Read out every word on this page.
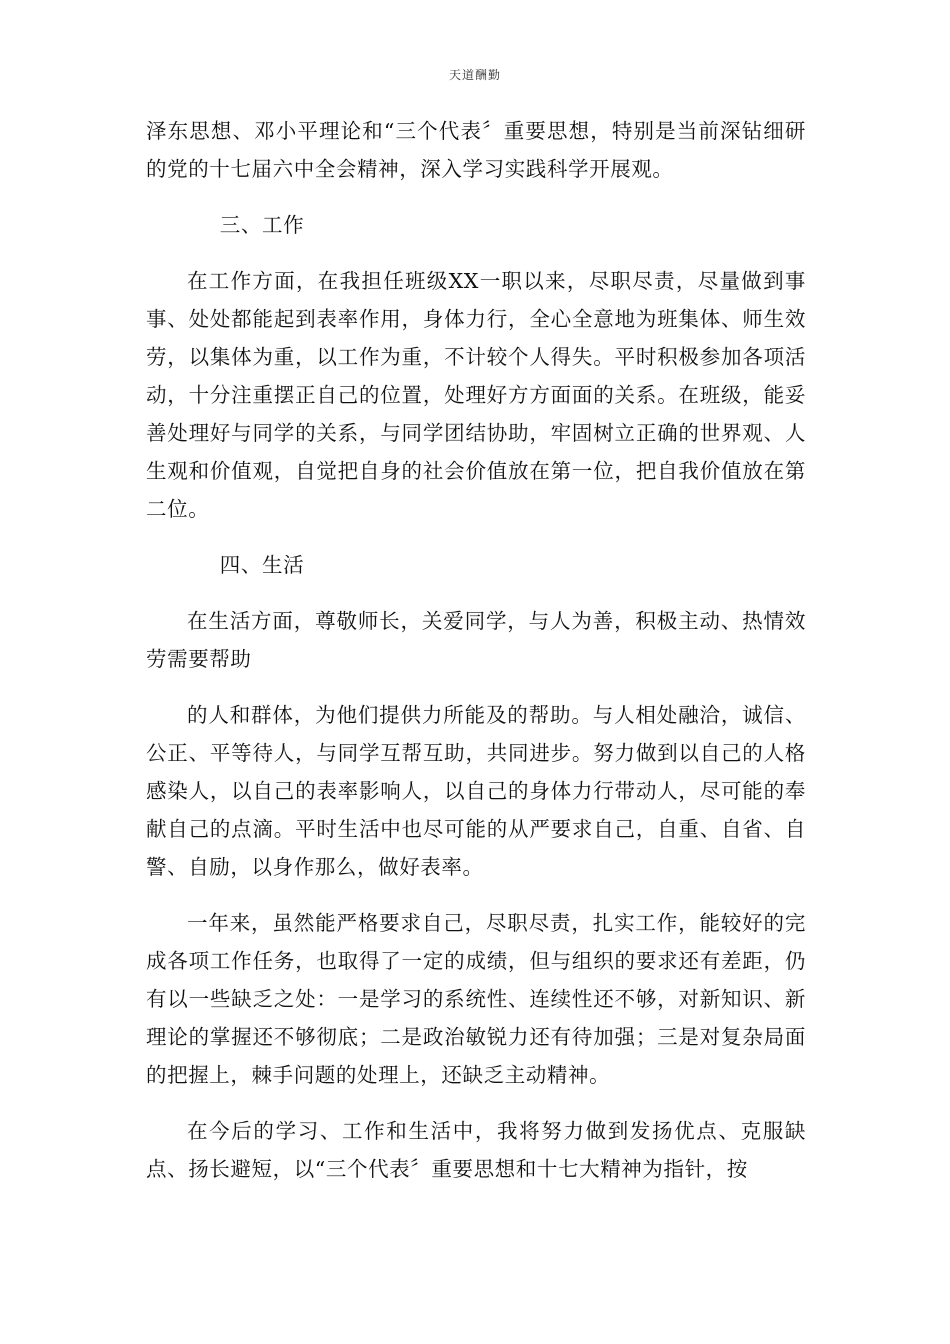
天道酬勤

泽东思想、邓小平理论和“三个代表〞重要思想，特别是当前深钻细研的党的十七届六中全会精神，深入学习实践科学开展观。

三、工作

在工作方面，在我担任班级XX一职以来，尽职尽责，尽量做到事事、处处都能起到表率作用，身体力行，全心全意地为班集体、师生效劳，以集体为重，以工作为重，不计较个人得失。平时积极参加各项活动，十分注重摆正自己的位置，处理好方方面面的关系。在班级，能妥善处理好与同学的关系，与同学团结协助，牢固树立正确的世界观、人生观和价值观，自觉把自身的社会价值放在第一位，把自我价值放在第二位。

四、生活

在生活方面，尊敬师长，关爱同学，与人为善，积极主动、热情效劳需要帮助

的人和群体，为他们提供力所能及的帮助。与人相处融洽，诚信、公正、平等待人，与同学互帮互助，共同进步。努力做到以自己的人格感染人，以自己的表率影响人，以自己的身体力行带动人，尽可能的奉献自己的点滴。平时生活中也尽可能的从严要求自己，自重、自省、自警、自励，以身作那么，做好表率。

一年来，虽然能严格要求自己，尽职尽责，扎实工作，能较好的完成各项工作任务，也取得了一定的成绩，但与组织的要求还有差距，仍有以一些缺乏之处：一是学习的系统性、连续性还不够，对新知识、新理论的掌握还不够彻底；二是政治敏锐力还有待加强；三是对复杂局面的把握上，棘手问题的处理上，还缺乏主动精神。

在今后的学习、工作和生活中，我将努力做到发扬优点、克服缺点、扬长避短，以“三个代表〞重要思想和十七大精神为指针，按
